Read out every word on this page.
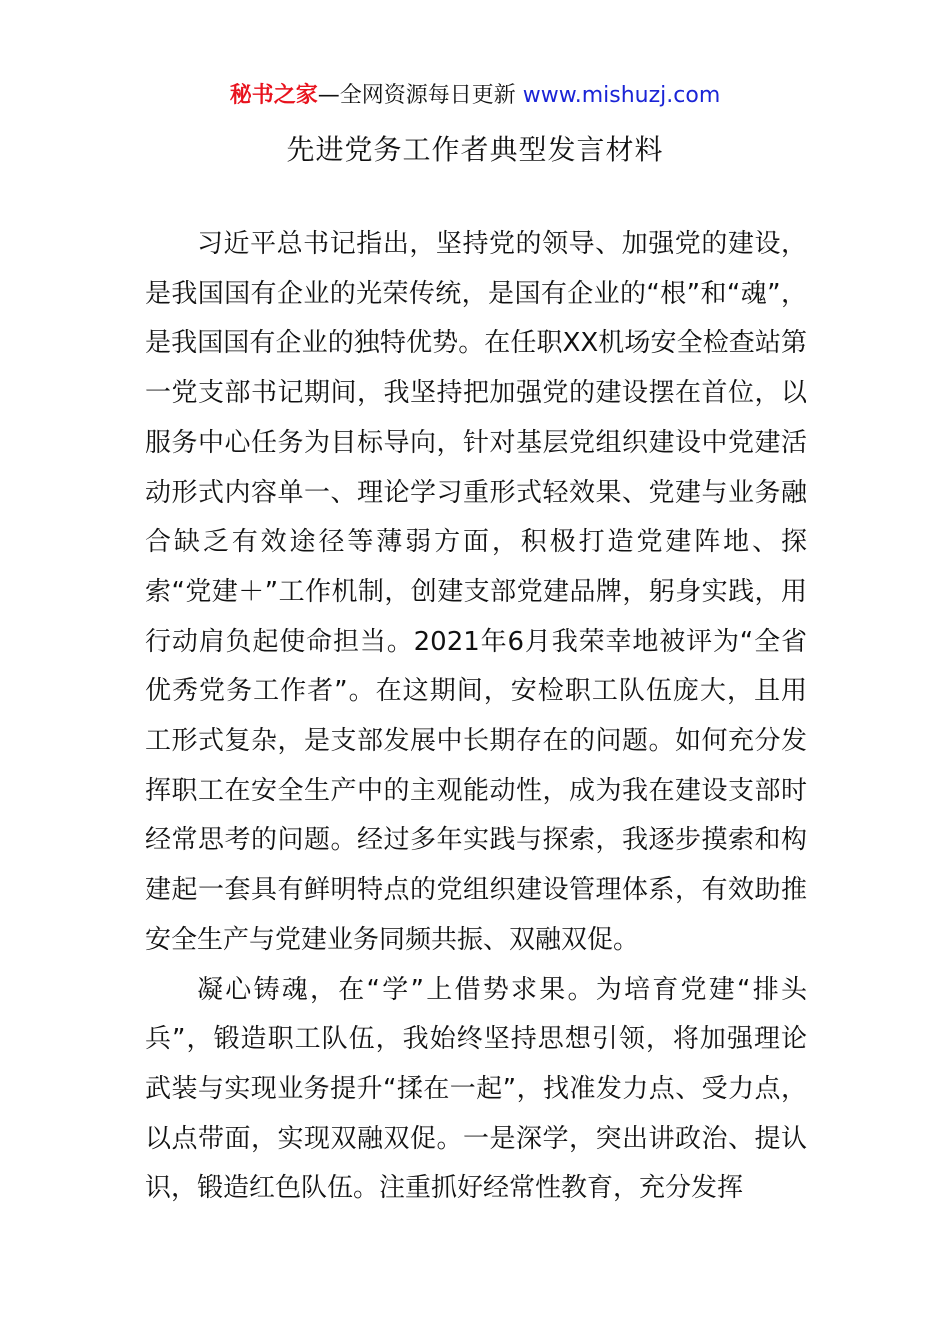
秘书之家—全网资源每日更新 www.mishuzj.com
先进党务工作者典型发言材料

习近平总书记指出，坚持党的领导、加强党的建设，是我国国有企业的光荣传统，是国有企业的“根”和“魂”，是我国国有企业的独特优势。在任职XX机场安全检查站第一党支部书记期间，我坚持把加强党的建设摆在首位，以服务中心任务为目标导向，针对基层党组织建设中党建活动形式内容单一、理论学习重形式轻效果、党建与业务融合缺乏有效途径等薄弱方面，积极打造党建阵地、探索“党建＋”工作机制，创建支部党建品牌，躬身实践，用行动肩负起使命担当。2021年6月我荣幸地被评为“全省优秀党务工作者”。在这期间，安检职工队伍庞大，且用工形式复杂，是支部发展中长期存在的问题。如何充分发挥职工在安全生产中的主观能动性，成为我在建设支部时经常思考的问题。经过多年实践与探索，我逐步摸索和构建起一套具有鲜明特点的党组织建设管理体系，有效助推安全生产与党建业务同频共振、双融双促。

凝心铸魂，在“学”上借势求果。为培育党建“排头兵”，锻造职工队伍，我始终坚持思想引领，将加强理论武装与实现业务提升“揉在一起”，找准发力点、受力点，以点带面，实现双融双促。一是深学，突出讲政治、提认识，锻造红色队伍。注重抓好经常性教育，充分发挥
